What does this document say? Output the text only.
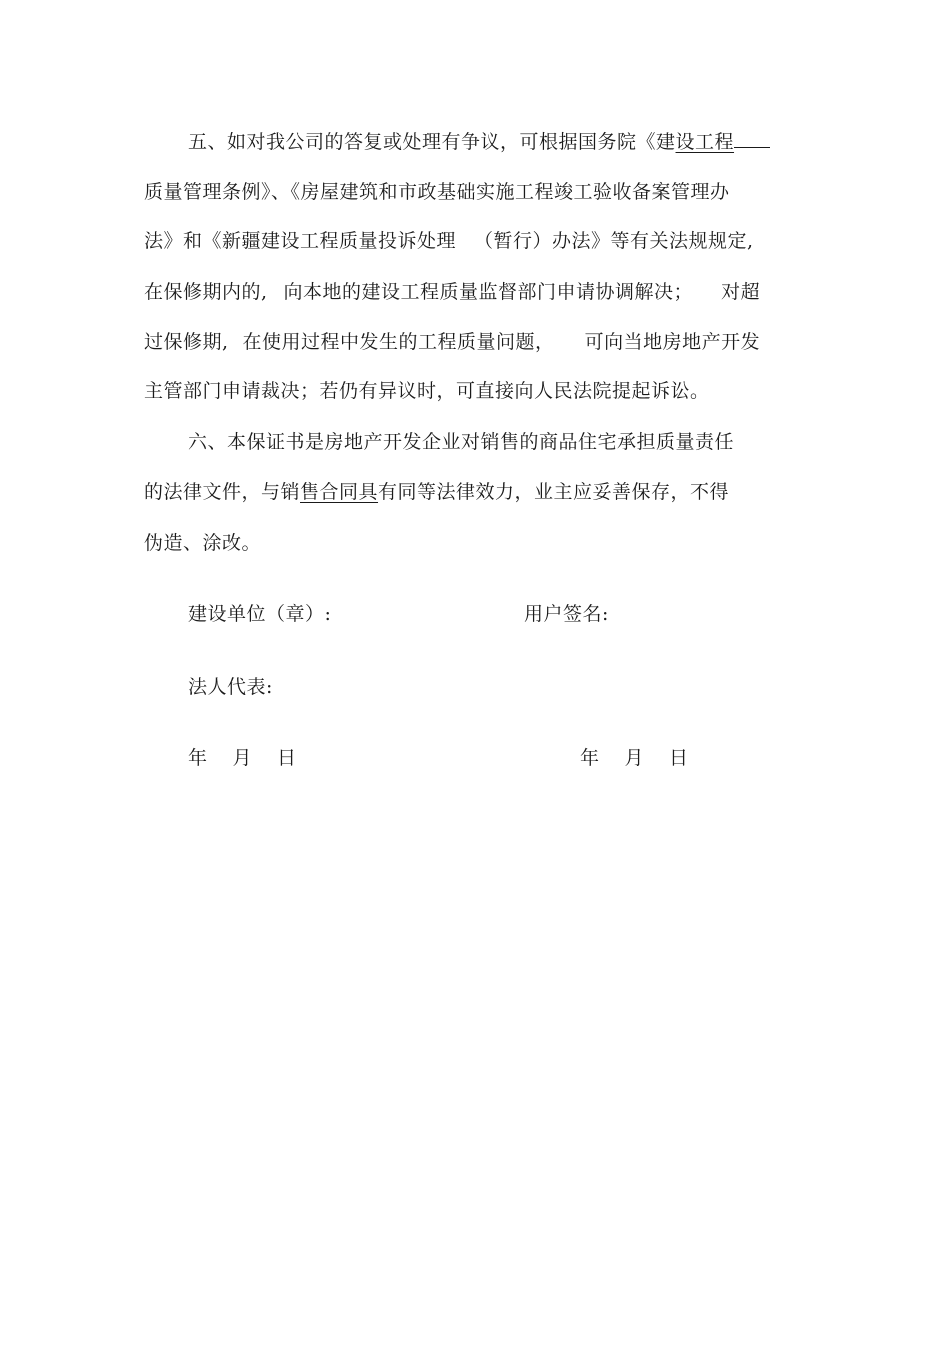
五、如对我公司的答复或处理有争议，可根据国务院《建设工程
质量管理条例》、《房屋建筑和市政基础实施工程竣工验收备案管理办
法》和《新疆建设工程质量投诉处理 （暂行）办法》等有关法规规定,
在保修期内的, 向本地的建设工程质量监督部门申请协调解决； 对超
过保修期, 在使用过程中发生的工程质量问题， 可向当地房地产开发
主管部门申请裁决；若仍有异议时，可直接向人民法院提起诉讼。
六、本保证书是房地产开发企业对销售的商品住宅承担质量责任
的法律文件，与销售合同具有同等法律效力，业主应妥善保存，不得
伪造、涂改。
建设单位（章）:	用户签名:
法人代表:
年 月 日	年 月 日
